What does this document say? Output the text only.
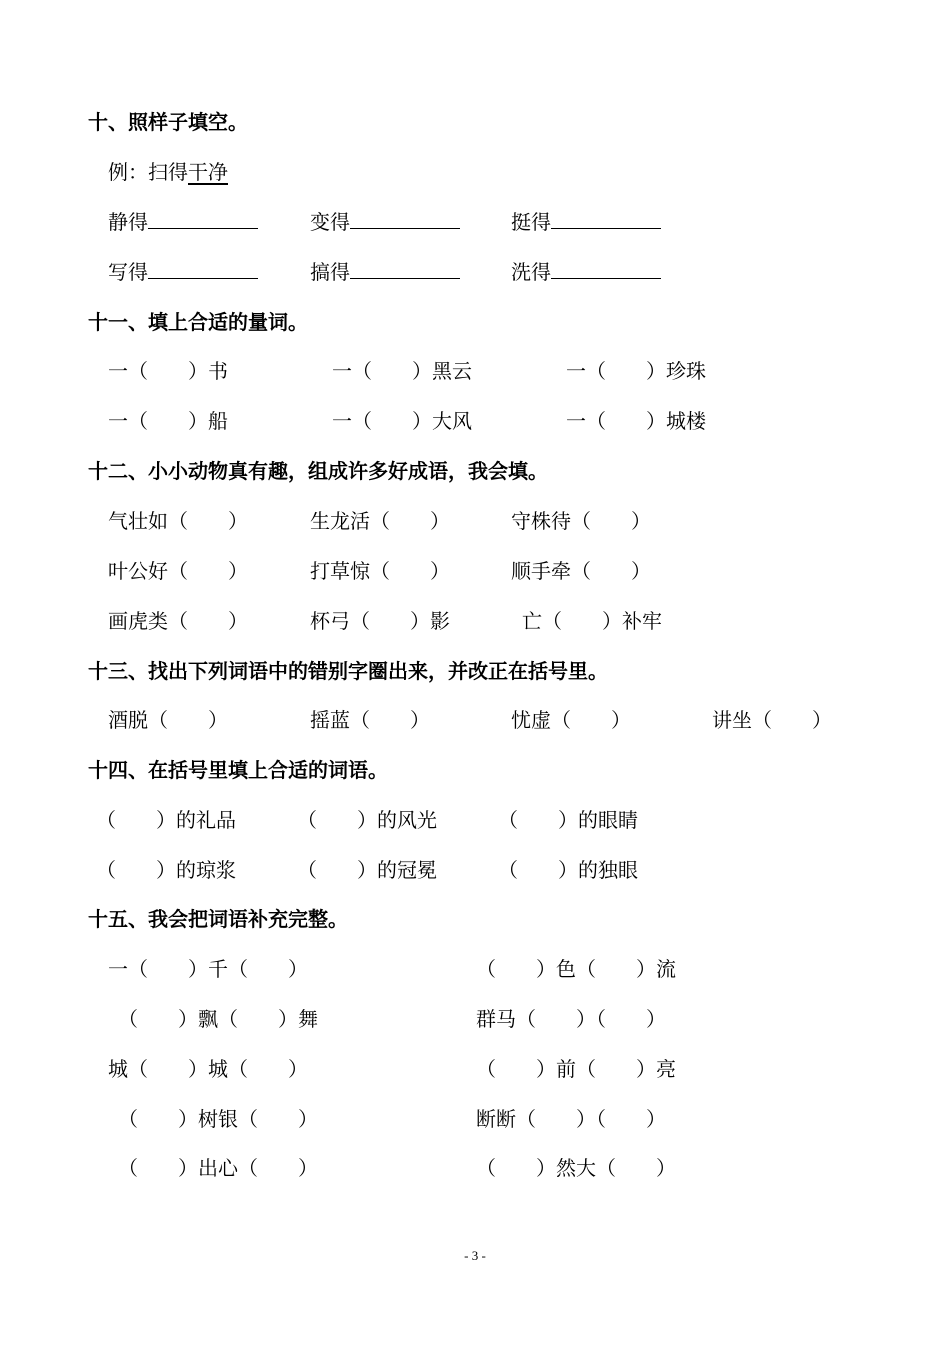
十、照样子填空。
例：扫得干净
静得	变得	挺得
写得	搞得	洗得
十一、填上合适的量词。
一（　　）书	一（　　）黑云	一（　　）珍珠
一（　　）船	一（　　）大风	一（　　）城楼
十二、小小动物真有趣，组成许多好成语，我会填。
气壮如（　　）	生龙活（　　）	守株待（　　）
叶公好（　　）	打草惊（　　）	顺手牵（　　）
画虎类（　　）	杯弓（　　）影	亡（　　）补牢
十三、找出下列词语中的错别字圈出来，并改正在括号里。
酒脱（　　）	摇蓝（　　）	忧虚（　　）	讲坐（　　）
十四、在括号里填上合适的词语。
（　　）的礼品	（　　）的风光	（　　）的眼睛
（　　）的琼浆	（　　）的冠冕	（　　）的独眼
十五、我会把词语补充完整。
一（　　）千（　　）	（　　）色（　　）流
（　　）飘（　　）舞	群马（　　）（　　）
城（　　）城（　　）	（　　）前（　　）亮
（　　）树银（　　）	断断（　　）（　　）
（　　）出心（　　）	（　　）然大（　　）
- 3 -
